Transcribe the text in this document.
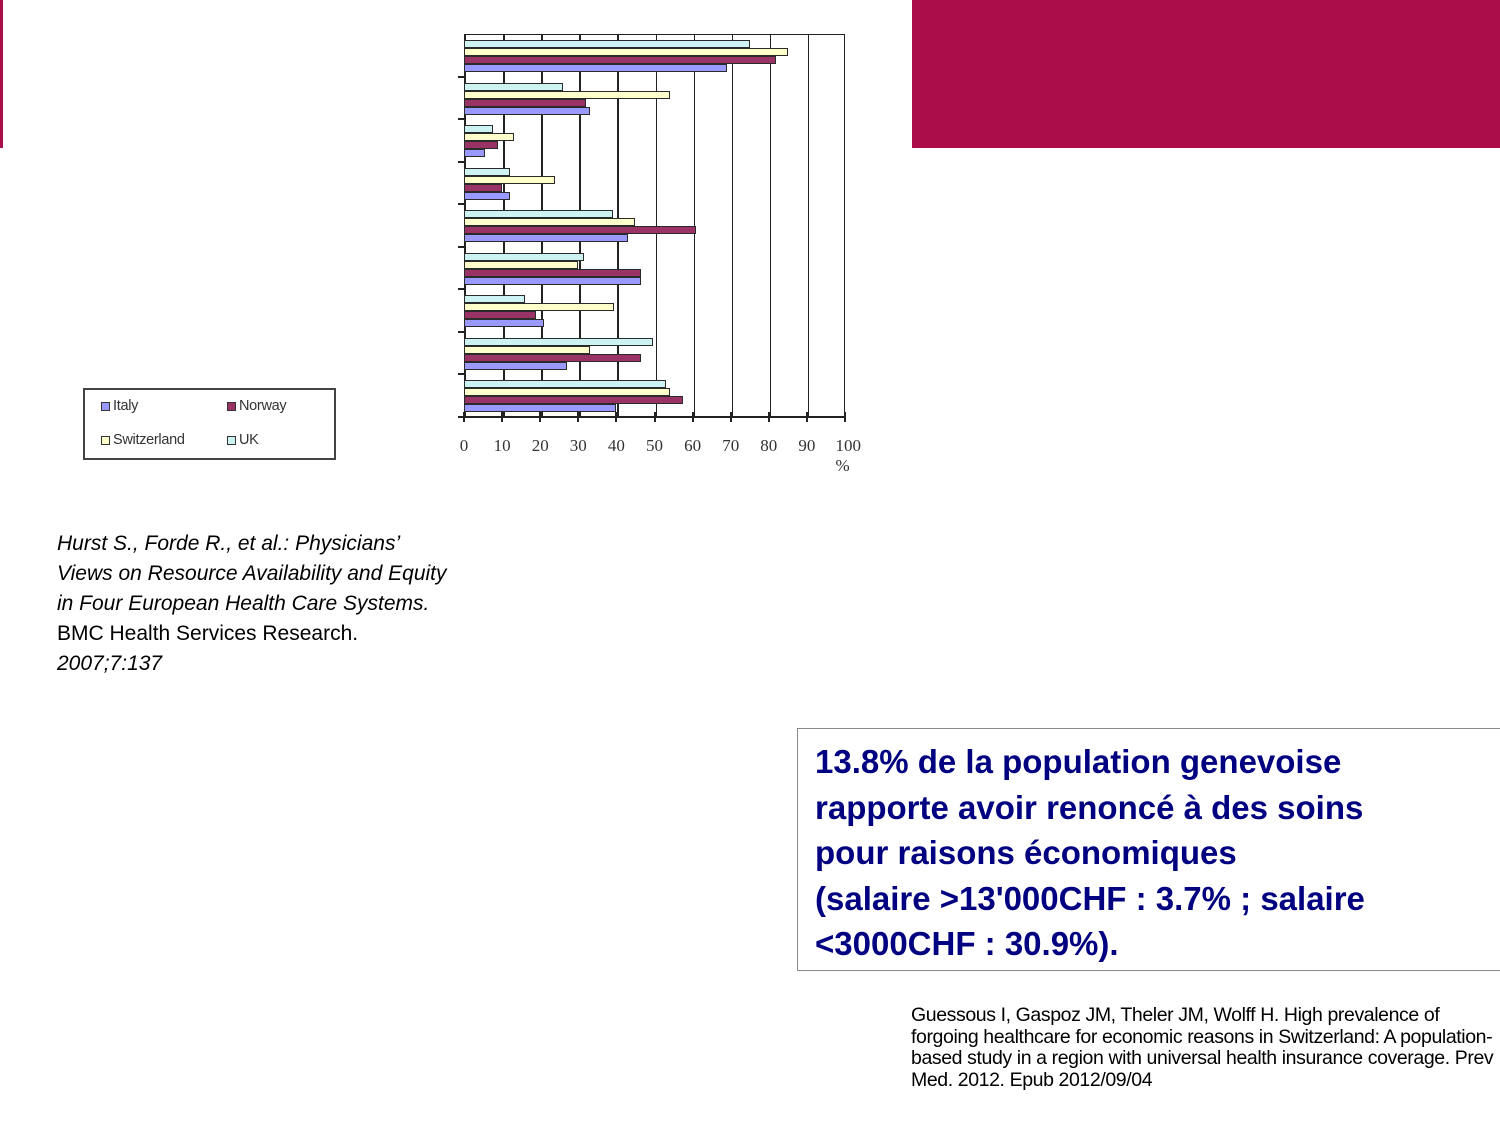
Italy	Norway
Switzerland	UK	0 10 20 30 40 50 60 70 80 90 100 %
Hurst S., Forde R., et al.: Physicians’
Views on Resource Availability and Equity
in Four European Health Care Systems.
BMC Health Services Research.
2007;7:137
13.8% de la population genevoise
rapporte avoir renoncé à des soins
pour raisons économiques
(salaire >13'000CHF : 3.7% ; salaire
<3000CHF : 30.9%).
Guessous I, Gaspoz JM, Theler JM, Wolff H. High prevalence of forgoing healthcare for economic reasons in Switzerland: A population-based study in a region with universal health insurance coverage. Prev Med. 2012. Epub 2012/09/04
